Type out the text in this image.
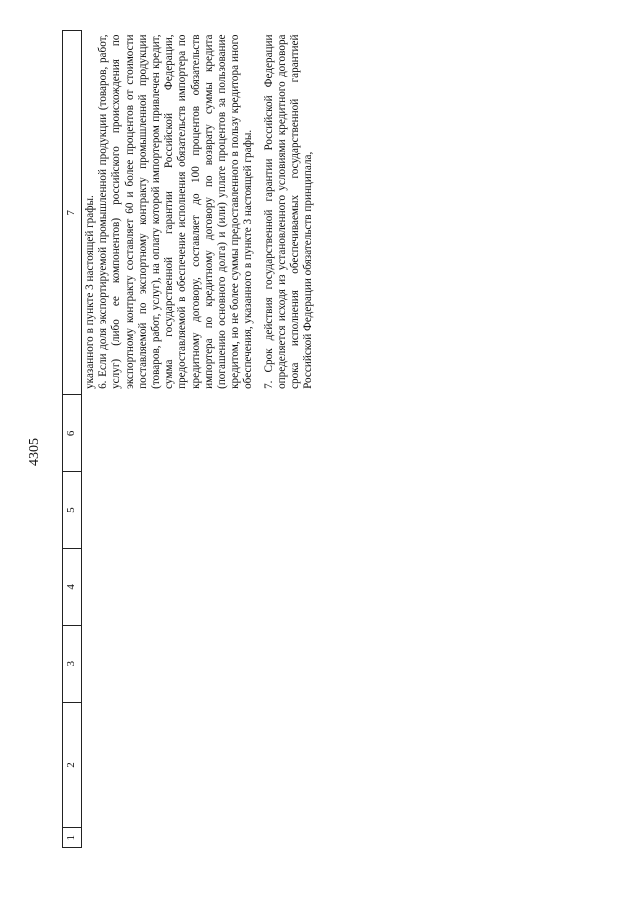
4305
1	2	3	4	5	6	7

						указанного в пункте 3 настоящей графы. 6. Если доля экспортируемой промышленной продукции (товаров, работ, услуг) (либо ее компонентов) российского происхождения по экспортному контракту составляет 60 и более процентов от стоимости поставляемой по экспортному контракту промышленной продукции (товаров, работ, услуг), на оплату которой импортером привлечен кредит, сумма государственной гарантии Российской Федерации, предоставляемой в обеспечение исполнения обязательств импортера по кредитному договору, составляет до 100 процентов обязательств импортера по кредитному договору по возврату суммы кредита (погашению основного долга) и (или) уплате процентов за пользование кредитом, но не более суммы предоставленного в пользу кредитора иного обеспечения, указанного в пункте 3 настоящей графы. 7. Срок действия государственной гарантии Российской Федерации определяется исходя из установленного условиями кредитного договора срока исполнения обеспечиваемых государственной гарантией Российской Федерации обязательств принципала,
